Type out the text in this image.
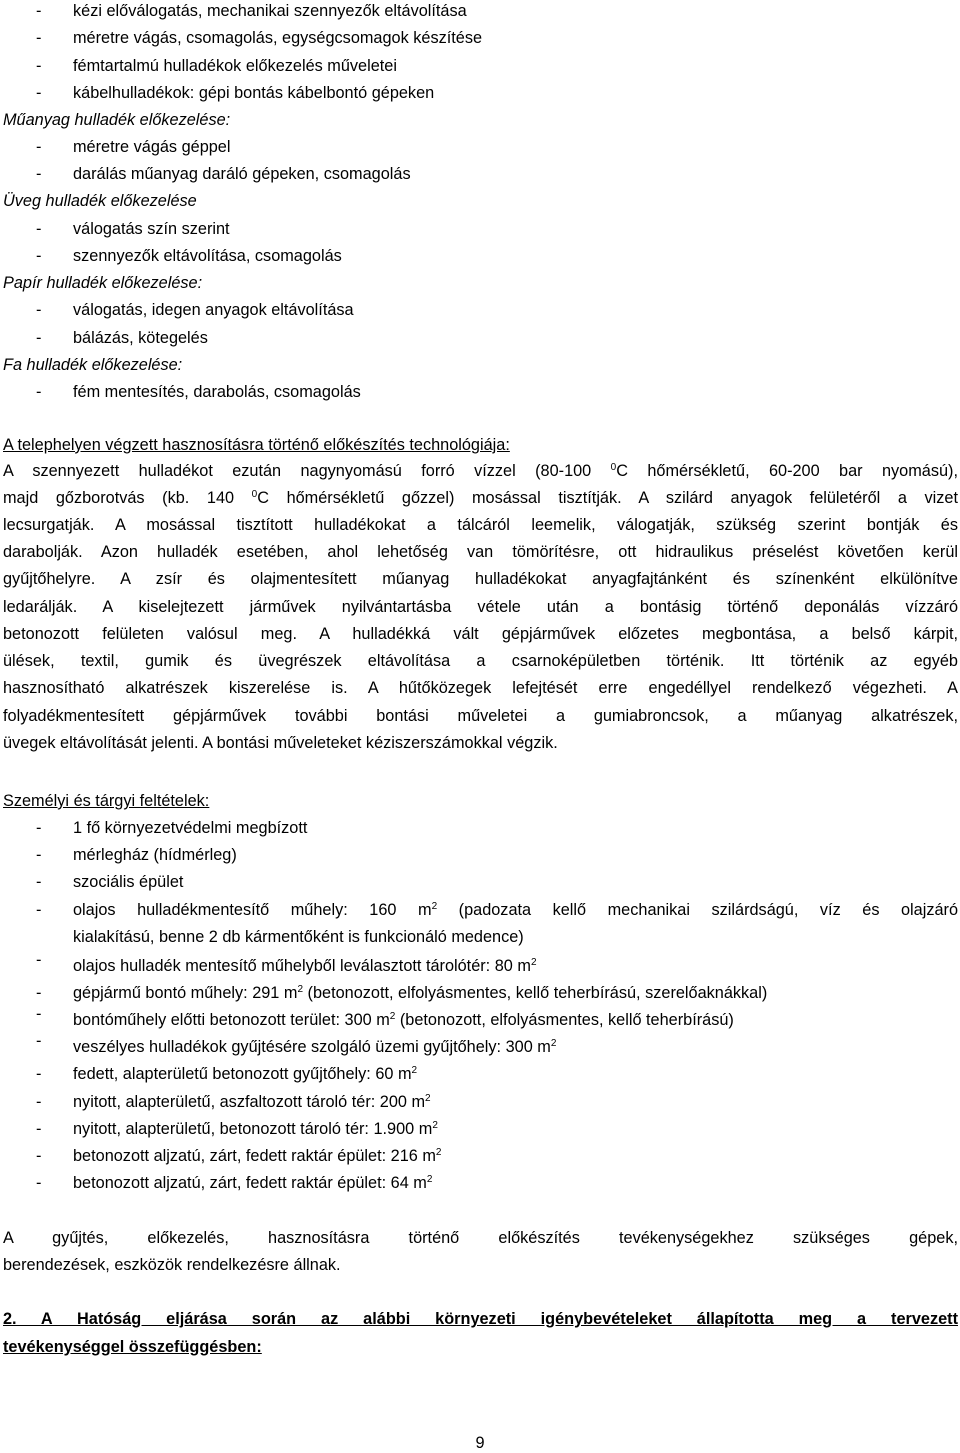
- kézi előválogatás, mechanikai szennyezők eltávolítása
- méretre vágás, csomagolás, egységcsomagok készítése
- fémtartalmú hulladékok előkezelés műveletei
- kábelhulladékok: gépi bontás kábelbontó gépeken
Műanyag hulladék előkezelése:
- méretre vágás géppel
- darálás műanyag daráló gépeken, csomagolás
Üveg hulladék előkezelése
- válogatás szín szerint
- szennyezők eltávolítása, csomagolás
Papír hulladék előkezelése:
- válogatás, idegen anyagok eltávolítása
- bálázás, kötegelés
Fa hulladék előkezelése:
- fém mentesítés, darabolás, csomagolás
A telephelyen végzett hasznosításra történő előkészítés technológiája:
A szennyezett hulladékot ezután nagynyomású forró vízzel (80-100 $^0$C hőmérsékletű, 60-200 bar nyomású),
majd gőzborotvás (kb. 140 $^0$C hőmérsékletű gőzzel) mosással tisztítják. A szilárd anyagok felületéről a vizet
lecsurgatják. A mosással tisztított hulladékokat a tálcáról leemelik, válogatják, szükség szerint bontják és
darabolják. Azon hulladék esetében, ahol lehetőség van tömörítésre, ott hidraulikus préselést követően kerül
gyűjtőhelyre. A zsír és olajmentesített műanyag hulladékokat anyagfajtánként és színenként elkülönítve
ledarálják. A kiselejtezett járművek nyilvántartásba vétele után a bontásig történő deponálás vízzáró
betonozott felületen valósul meg. A hulladékká vált gépjárművek előzetes megbontása, a belső kárpit,
ülések, textil, gumik és üvegrészek eltávolítása a csarnoképületben történik. Itt történik az egyéb
hasznosítható alkatrészek kiszerelése is. A hűtőközegek lefejtését erre engedéllyel rendelkező végezheti. A
folyadékmentesített gépjárművek további bontási műveletei a gumiabroncsok, a műanyag alkatrészek,
üvegek eltávolítását jelenti. A bontási műveleteket kéziszerszámokkal végzik.
Személyi és tárgyi feltételek:
- 1 fő környezetvédelmi megbízott
- mérlegház (hídmérleg)
- szociális épület
- olajos hulladékmentesítő műhely: 160 $m^2$ (padozata kellő mechanikai szilárdságú, víz és olajzáró
kialakítású, benne 2 db kármentőként is funkcionáló medence)
- olajos hulladék mentesítő műhelyből leválasztott tárolótér: 80 $m^2$
- gépjármű bontó műhely: 291 $m^2$ (betonozott, elfolyásmentes, kellő teherbírású, szerelőaknákkal)
- bontóműhely előtti betonozott terület: 300 $m^2$ (betonozott, elfolyásmentes, kellő teherbírású)
- veszélyes hulladékok gyűjtésére szolgáló üzemi gyűjtőhely: 300 $m^2$
- fedett, alapterületű betonozott gyűjtőhely: 60 $m^2$
- nyitott, alapterületű, aszfaltozott tároló tér: 200 $m^2$
- nyitott, alapterületű, betonozott tároló tér: 1.900 $m^2$
- betonozott aljzatú, zárt, fedett raktár épület: 216 $m^2$
- betonozott aljzatú, zárt, fedett raktár épület: 64 $m^2$
A gyűjtés, előkezelés, hasznosításra történő előkészítés tevékenységekhez szükséges gépek,
berendezések, eszközök rendelkezésre állnak.
2. A Hatóság eljárása során az alábbi környezeti igénybevételeket állapította meg a tervezett
tevékenységgel összefüggésben:
9
